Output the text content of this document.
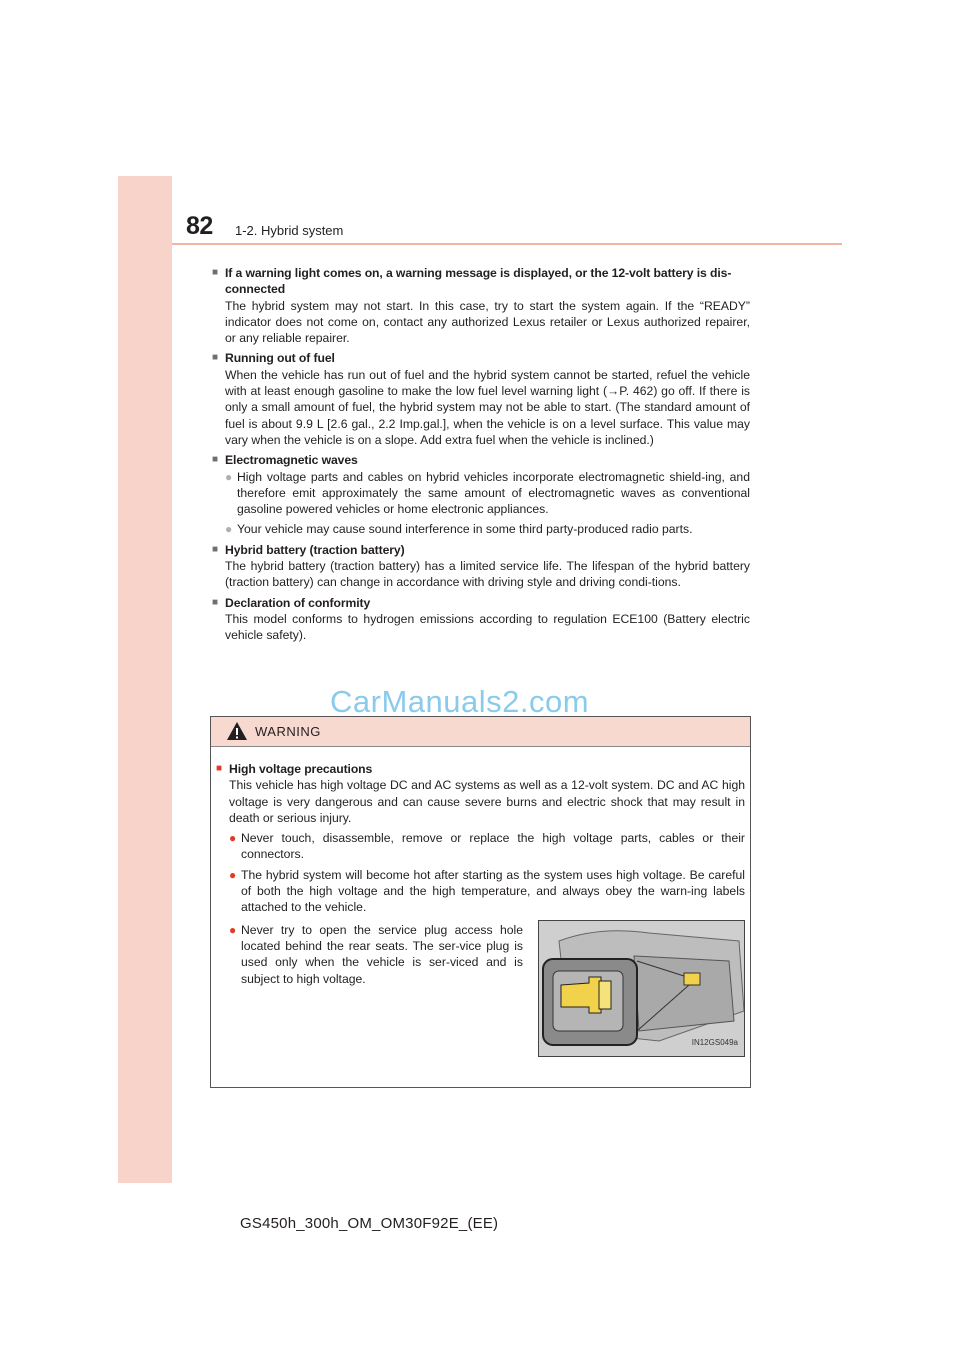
82 1-2. Hybrid system
■ If a warning light comes on, a warning message is displayed, or the 12-volt battery is dis-connected
The hybrid system may not start. In this case, try to start the system again. If the “READY” indicator does not come on, contact any authorized Lexus retailer or Lexus authorized repairer, or any reliable repairer.
■ Running out of fuel
When the vehicle has run out of fuel and the hybrid system cannot be started, refuel the vehicle with at least enough gasoline to make the low fuel level warning light (→P. 462) go off. If there is only a small amount of fuel, the hybrid system may not be able to start. (The standard amount of fuel is about 9.9 L [2.6 gal., 2.2 Imp.gal.], when the vehicle is on a level surface. This value may vary when the vehicle is on a slope. Add extra fuel when the vehicle is inclined.)
■ Electromagnetic waves
● High voltage parts and cables on hybrid vehicles incorporate electromagnetic shield-ing, and therefore emit approximately the same amount of electromagnetic waves as conventional gasoline powered vehicles or home electronic appliances.
● Your vehicle may cause sound interference in some third party-produced radio parts.
■ Hybrid battery (traction battery)
The hybrid battery (traction battery) has a limited service life. The lifespan of the hybrid battery (traction battery) can change in accordance with driving style and driving condi-tions.
■ Declaration of conformity
This model conforms to hydrogen emissions according to regulation ECE100 (Battery electric vehicle safety).
WARNING
■ High voltage precautions
This vehicle has high voltage DC and AC systems as well as a 12-volt system. DC and AC high voltage is very dangerous and can cause severe burns and electric shock that may result in death or serious injury.
● Never touch, disassemble, remove or replace the high voltage parts, cables or their connectors.
● The hybrid system will become hot after starting as the system uses high voltage. Be careful of both the high voltage and the high temperature, and always obey the warn-ing labels attached to the vehicle.
● Never try to open the service plug access hole located behind the rear seats. The ser-vice plug is used only when the vehicle is ser-viced and is subject to high voltage.
IN12GS049a
CarManuals2.com
GS450h_300h_OM_OM30F92E_(EE)
